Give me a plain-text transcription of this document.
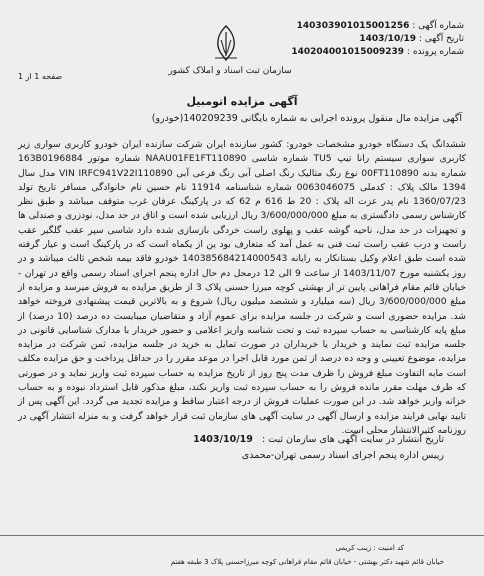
شماره آگهی : 140303901015001256
تاریخ آگهی : 1403/10/19
شماره پرونده : 140204001015009239
سازمان ثبت اسناد و املاک کشور
صفحه 1 از 1
آگهی مزایده اتومبیل
آگهی مزایده مال منقول پرونده اجرایی به شماره بایگانی 140209239(خودرو)
ششدانگ یک دستگاه خودرو مشخصات خودرو: کشور سازنده ایران شرکت سازنده ایران خودرو کاربری سواری زیر کاربری سواری سیستم رانا تیپ TU5 شماره شاسی NAAU01FE1FT110890 شماره موتور 163B0196884 شماره بدنه 00FT110890 نوع رنگ متالیک رنگ اصلی آبی رنگ فرعی آبی VIN IRFC941V22I110890 مدل سال 1394 مالک پلاک : کدملی 0063046075 شماره شناسنامه 11914 نام حسین نام خانوادگی مسافر تاریخ تولد 1360/07/23 نام پدر عزت اله پلاک : 20 ط 616 م 62 که در پارکینگ عرفان غرب متوقف میباشد و طبق نظر کارشناس رسمی دادگستری به مبلغ 3/600/000/000 ریال ارزیابی شده است و اتاق در حد مدل، نودزری و صندلی ها و تجهیزات در حد مدل، ناحیه گوشه عقب و پهلوی راست خردگی بازسازی شده دارد شاسی سپر عقب گلگیر عقب راست و درب عقب راست ثبت فنی به عمل آمد که متعارف بود ین از یکماه است که در پارکینگ است و عیار گرفته شده است طبق اعلام وکیل بستانکار به رایانه 140385684214000543 خودرو فاقد بیمه شخص ثالث میباشد و در روز یکشنبه مورخ 1403/11/07 از ساعت 9 الی 12 درمحل دم حال اداره پنجم اجرای اسناد رسمی واقع در تهران - خیابان قائم مقام فراهانی پایین تر از بهشتی کوچه میرزا حسنی پلاک 3 از طریق مزایده به فروش میرسد و مزایده از مبلغ 3/600/000/000 ریال (سه میلیارد و ششصد میلیون ریال) شروع و به بالاترین قیمت پیشنهادی فروخته خواهد شد. مزایده حضوری است و شرکت در جلسه مزایده برای عموم آزاد و متقاضیان میبایست ده درصد (10 درصد) از مبلغ پایه کارشناسی به حساب سپرده ثبت و تحت شناسه واریز اعلامی و حضور خریدار با مدارک شناسایی قانونی در جلسه مزایده ثبت نمایند و خریدار یا خریداران در صورت تمایل به خرید در جلسه مزایده، ثمن شرکت در مزایده مزایده، موضوع تعیینی و وجه ده درصد از ثمن مورد قابل اجرا در موعد مقرر را در حداقل پرداخت و حق مزایده مکلف است مابه التفاوت مبلغ فروش را ظرف مدت پنج روز از تاریخ مزایده به حساب سپرده ثبت واریز نماید و در صورتی که ظرف مهلت مقرر مانده فروش را به حساب سپرده ثبت واریز نکند، مبلغ مذکور قابل استرداد نبوده و به حساب خزانه واریز خواهد شد. در این صورت عملیات فروش از درجه اعتبار ساقط و مزایده تجدید می گردد. این آگهی پس از تایید نهایی فرایند مزایده و ارسال آگهی در سایت آگهی های سازمان ثبت قرار خواهد گرفت و به منزله انتشار آگهی در روزنامه کثیرالانتشار محلی است.
تاریخ انتشار در سایت آگهی های سازمان ثبت : 1403/10/19
رییس اداره پنجم اجرای اسناد رسمی تهران-محمدی
کد امنیت : زینب کریمی
خیابان قائم شهید دکتر بهشتی - خیابان قائم مقام فراهانی کوچه میرزاحسنی پلاک 3 طبقه هفتم
